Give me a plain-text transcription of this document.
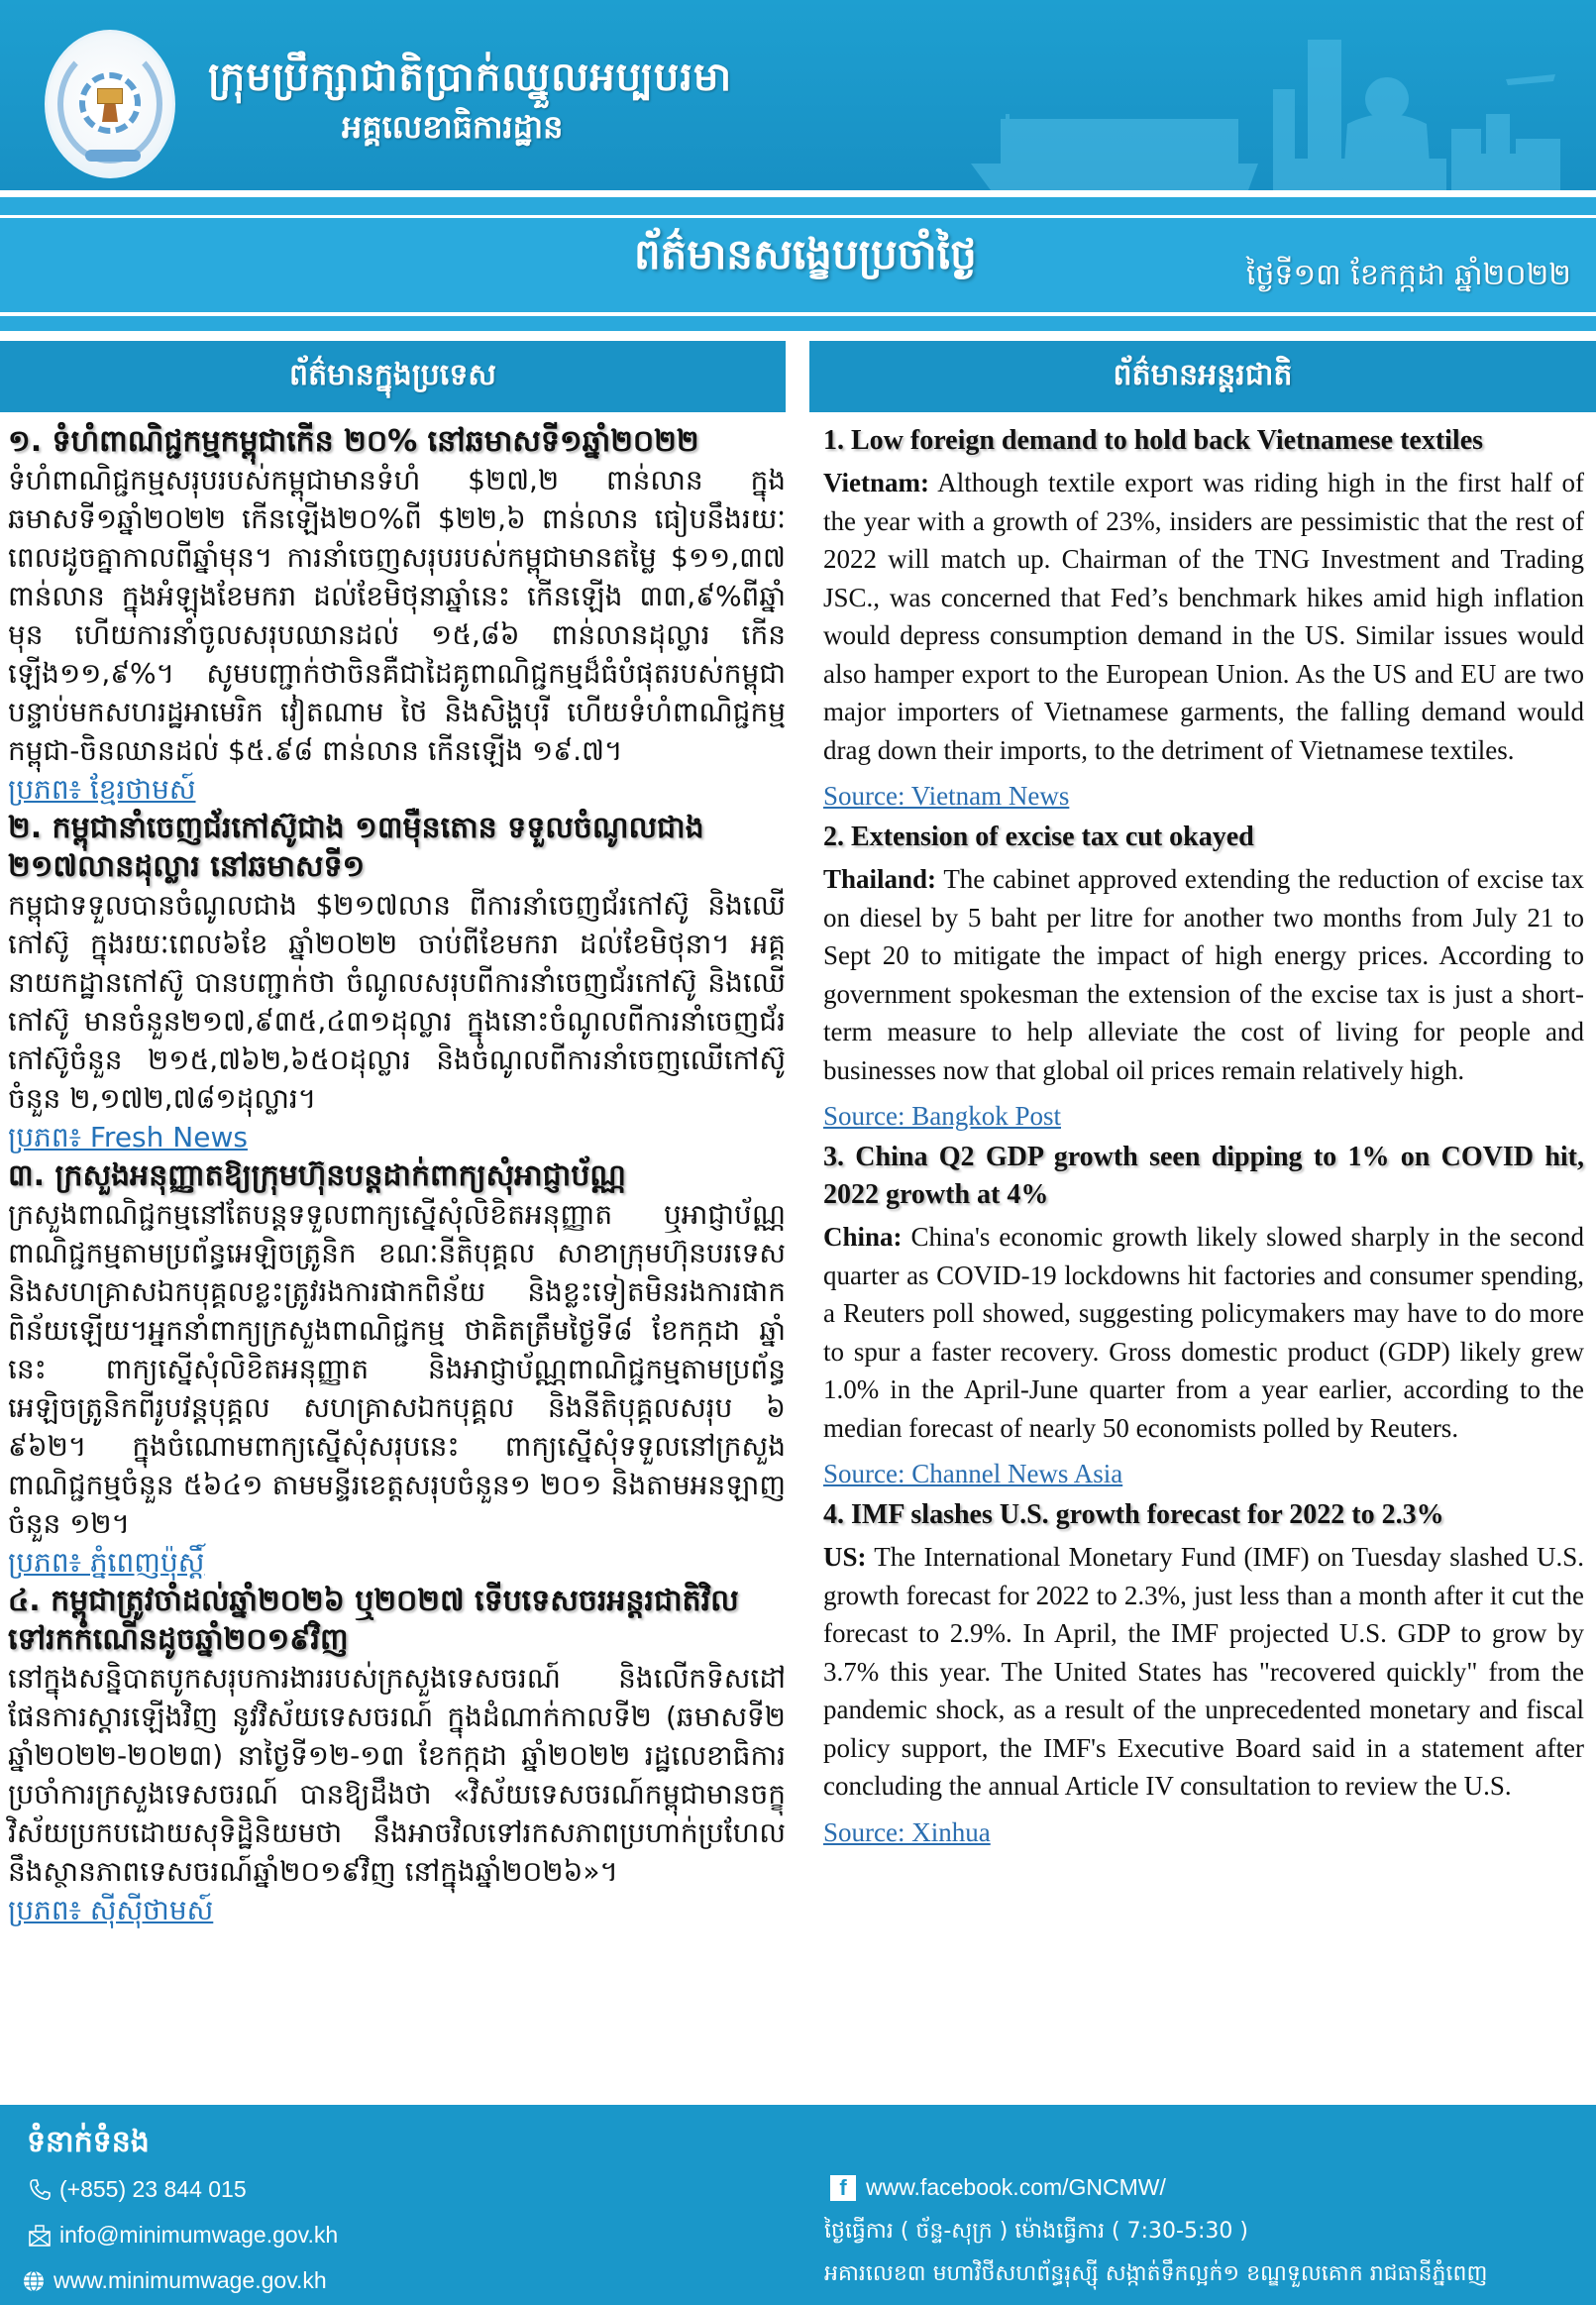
ក្រុមប្រឹក្សាជាតិប្រាក់ឈ្នួលអប្បបរមា
អគ្គលេខាធិការដ្ឋាន
ព័ត៌មានសង្ខេបប្រចាំថ្ងៃ	ថ្ងៃទី១៣ ខែកក្កដា ឆ្នាំ២០២២
ព័ត៌មានក្នុងប្រទេស
១. ទំហំពាណិជ្ជកម្មកម្ពុជាកើន ២០% នៅឆមាសទី១ឆ្នាំ២០២២
ទំហំពាណិជ្ជកម្មសរុបរបស់កម្ពុជាមានទំហំ $២៧,២ ពាន់លាន ក្នុងឆមាសទី១ឆ្នាំ២០២២ កើនឡើង២០%ពី $២២,៦ ពាន់លាន ធៀបនឹងរយៈពេលដូចគ្នាកាលពីឆ្នាំមុន។ ការនាំចេញសរុបរបស់កម្ពុជាមានតម្លៃ $១១,៣៧ ពាន់លាន ក្នុងអំឡុងខែមករា ដល់ខែមិថុនាឆ្នាំនេះ កើនឡើង ៣៣,៩%ពីឆ្នាំមុន ហើយការនាំចូលសរុបឈានដល់ ១៥,៨៦ ពាន់លានដុល្លារ កើនឡើង១១,៩%។ សូមបញ្ជាក់ថាចិនគឺជាដៃគូពាណិជ្ជកម្មដ៏ធំបំផុតរបស់កម្ពុជា បន្ទាប់មកសហរដ្ឋអាមេរិក វៀតណាម ថៃ និងសិង្ហបុរី ហើយទំហំពាណិជ្ជកម្មកម្ពុជា-ចិនឈានដល់ $៥.៩៨ ពាន់លាន កើនឡើង ១៩.៧។
ប្រភព៖ ខ្មែរថាមស៍
២. កម្ពុជានាំចេញជ័រកៅស៊ូជាង ១៣ម៉ឺនតោន ទទួលចំណូលជាង ២១៧លានដុល្លារ នៅឆមាសទី១
កម្ពុជាទទួលបានចំណូលជាង $២១៧លាន ពីការនាំចេញជ័រកៅស៊ូ និងឈើកៅស៊ូ ក្នុងរយៈពេល៦ខែ ឆ្នាំ២០២២ ចាប់ពីខែមករា ដល់ខែមិថុនា។ អគ្គនាយកដ្ឋានកៅស៊ូ បានបញ្ជាក់ថា ចំណូលសរុបពីការនាំចេញជ័រកៅស៊ូ និងឈើកៅស៊ូ មានចំនួន២១៧,៩៣៥,៤៣១ដុល្លារ ក្នុងនោះចំណូលពីការនាំចេញជ័រកៅស៊ូចំនួន ២១៥,៧៦២,៦៥០ដុល្លារ និងចំណូលពីការនាំចេញឈើកៅស៊ូ ចំនួន ២,១៧២,៧៨១ដុល្លារ។
ប្រភព៖ Fresh News
៣. ក្រសួងអនុញ្ញាតឱ្យក្រុមហ៊ុនបន្តដាក់ពាក្យសុំអាជ្ញាប័ណ្ណ
ក្រសួងពាណិជ្ជកម្មនៅតែបន្តទទួលពាក្យស្នើសុំលិខិតអនុញ្ញាត ឬអាជ្ញាប័ណ្ណពាណិជ្ជកម្មតាមប្រព័ន្ធអេឡិចត្រូនិក ខណៈនីតិបុគ្គល សាខាក្រុមហ៊ុនបរទេស និងសហគ្រាសឯកបុគ្គលខ្លះត្រូវរងការផាកពិន័យ និងខ្លះទៀតមិនរងការផាកពិន័យឡើយ។អ្នកនាំពាក្យក្រសួងពាណិជ្ជកម្ម ថាគិតត្រឹមថ្ងៃទី៨ ខែកក្កដា ឆ្នាំនេះ ពាក្យស្នើសុំលិខិតអនុញ្ញាត និងអាជ្ញាប័ណ្ណពាណិជ្ជកម្មតាមប្រព័ន្ធអេឡិចត្រូនិកពីរូបវន្តបុគ្គល សហគ្រាសឯកបុគ្គល និងនីតិបុគ្គលសរុប ៦ ៩៦២។ ក្នុងចំណោមពាក្យស្នើសុំសរុបនេះ ពាក្យស្នើសុំទទួលនៅក្រសួងពាណិជ្ជកម្មចំនួន ៥៦៤១ តាមមន្ទីរខេត្តសរុបចំនួន១ ២០១ និងតាមអនឡាញចំនួន ១២។
ប្រភព៖ ភ្នំពេញប៉ុស្តិ៍
៤. កម្ពុជាត្រូវចាំដល់ឆ្នាំ២០២៦ ឬ២០២៧ ទើបទេសចរអន្តរជាតិវិលទៅរកកំណើនដូចឆ្នាំ២០១៩វិញ
នៅក្នុងសន្និបាតបូកសរុបការងាររបស់ក្រសួងទេសចរណ៍ និងលើកទិសដៅផែនការស្តារឡើងវិញ នូវវិស័យទេសចរណ៍ ក្នុងដំណាក់កាលទី២ (ឆមាសទី២ ឆ្នាំ២០២២-២០២៣) នាថ្ងៃទី១២-១៣ ខែកក្កដា ឆ្នាំ២០២២ រដ្ឋលេខាធិការប្រចាំការក្រសួងទេសចរណ៍ បានឱ្យដឹងថា «វិស័យទេសចរណ៍កម្ពុជាមានចក្ខុវិស័យប្រកបដោយសុទិដ្ឋិនិយមថា នឹងអាចវិលទៅរកសភាពប្រហាក់ប្រហែលនឹងស្ថានភាពទេសចរណ៍ឆ្នាំ២០១៩វិញ នៅក្នុងឆ្នាំ២០២៦»។
ប្រភព៖ ស៊ីស៊ីថាមស៍
ព័ត៌មានអន្តរជាតិ
1. Low foreign demand to hold back Vietnamese textiles
Vietnam: Although textile export was riding high in the first half of the year with a growth of 23%, insiders are pessimistic that the rest of 2022 will match up. Chairman of the TNG Investment and Trading JSC., was concerned that Fed’s benchmark hikes amid high inflation would depress consumption demand in the US. Similar issues would also hamper export to the European Union. As the US and EU are two major importers of Vietnamese garments, the falling demand would drag down their imports, to the detriment of Vietnamese textiles.
Source: Vietnam News
2. Extension of excise tax cut okayed
Thailand: The cabinet approved extending the reduction of excise tax on diesel by 5 baht per litre for another two months from July 21 to Sept 20 to mitigate the impact of high energy prices. According to government spokesman the extension of the excise tax is just a short-term measure to help alleviate the cost of living for people and businesses now that global oil prices remain relatively high.
Source: Bangkok Post
3. China Q2 GDP growth seen dipping to 1% on COVID hit, 2022 growth at 4%
China: China's economic growth likely slowed sharply in the second quarter as COVID-19 lockdowns hit factories and consumer spending, a Reuters poll showed, suggesting policymakers may have to do more to spur a faster recovery. Gross domestic product (GDP) likely grew 1.0% in the April-June quarter from a year earlier, according to the median forecast of nearly 50 economists polled by Reuters.
Source: Channel News Asia
4. IMF slashes U.S. growth forecast for 2022 to 2.3%
US: The International Monetary Fund (IMF) on Tuesday slashed U.S. growth forecast for 2022 to 2.3%, just less than a month after it cut the forecast to 2.9%. In April, the IMF projected U.S. GDP to grow by 3.7% this year. The United States has "recovered quickly" from the pandemic shock, as a result of the unprecedented monetary and fiscal policy support, the IMF's Executive Board said in a statement after concluding the annual Article IV consultation to review the U.S.
Source: Xinhua
ទំនាក់ទំនង
(+855) 23 844 015
info@minimumwage.gov.kh
www.minimumwage.gov.kh
f www.facebook.com/GNCMW/
ថ្ងៃធ្វើការ ( ច័ន្ទ-សុក្រ ) ម៉ោងធ្វើការ ( 7:30-5:30 )
អគារលេខ៣ មហាវិថីសហព័ន្ធរុស្ស៊ី សង្កាត់ទឹកល្អក់១ ខណ្ឌទួលគោក រាជធានីភ្នំពេញ
